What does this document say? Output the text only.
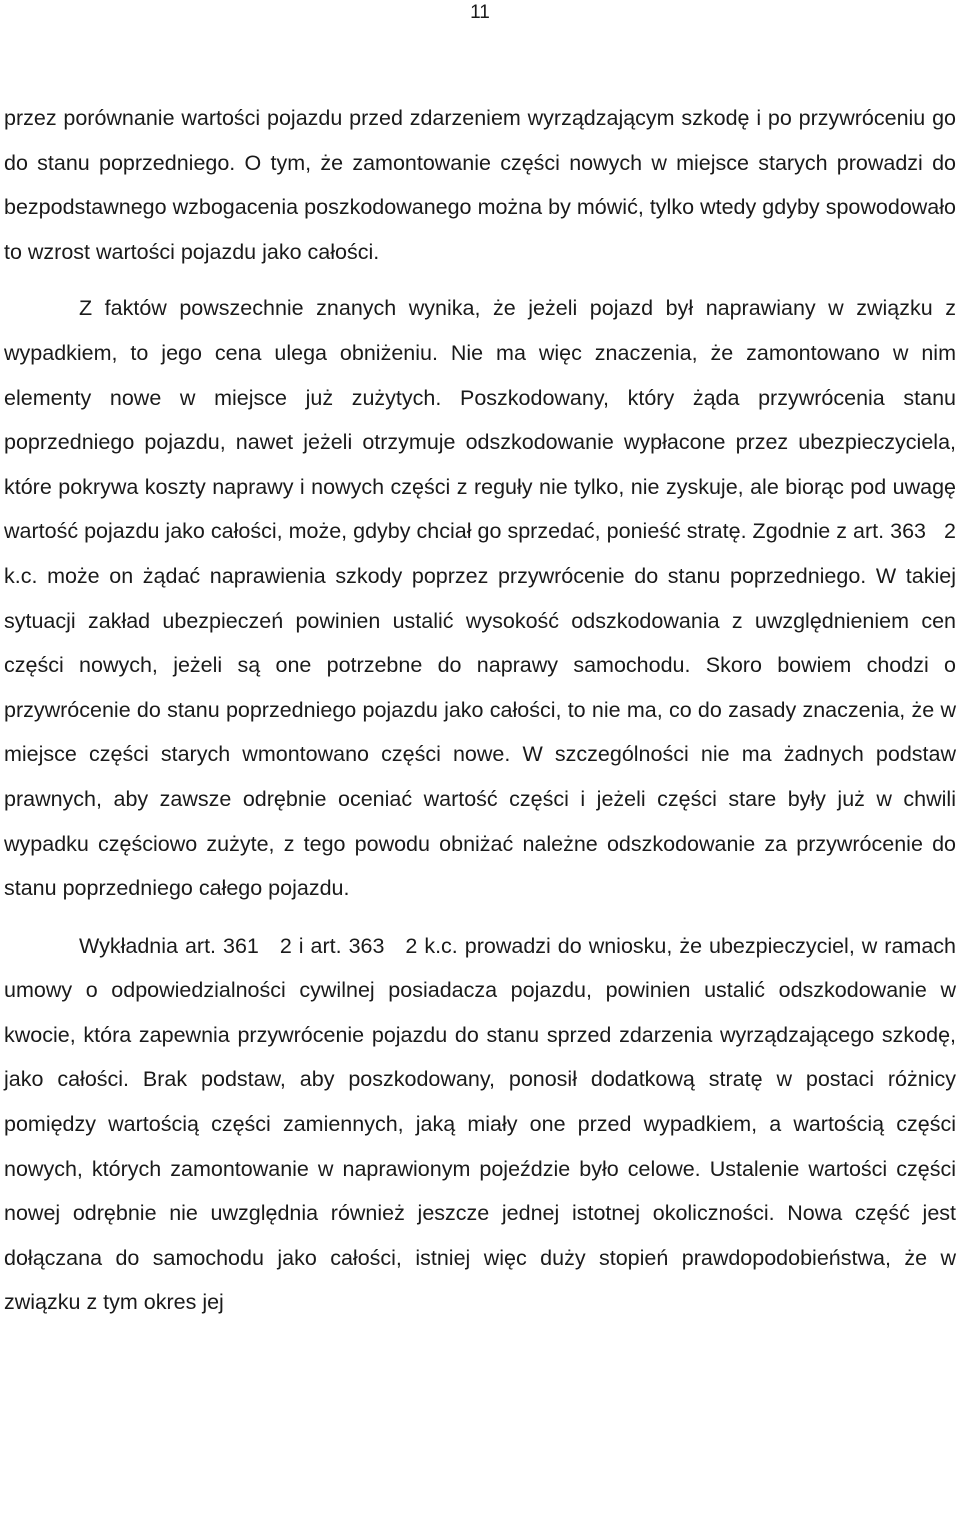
11

przez porównanie wartości pojazdu przed zdarzeniem wyrządzającym szkodę i po przywróceniu go do stanu poprzedniego. O tym, że zamontowanie części nowych w miejsce starych prowadzi do bezpodstawnego wzbogacenia poszkodowanego można by mówić, tylko wtedy gdyby spowodowało to wzrost wartości pojazdu jako całości.

Z faktów powszechnie znanych wynika, że jeżeli pojazd był naprawiany w związku z wypadkiem, to jego cena ulega obniżeniu. Nie ma więc znaczenia, że zamontowano w nim elementy nowe w miejsce już zużytych. Poszkodowany, który żąda przywrócenia stanu poprzedniego pojazdu, nawet jeżeli otrzymuje odszkodowanie wypłacone przez ubezpieczyciela, które pokrywa koszty naprawy i nowych części z reguły nie tylko, nie zyskuje, ale biorąc pod uwagę wartość pojazdu jako całości, może, gdyby chciał go sprzedać, ponieść stratę. Zgodnie z art. 363   2 k.c. może on żądać naprawienia szkody poprzez przywrócenie do stanu poprzedniego. W takiej sytuacji zakład ubezpieczeń powinien ustalić wysokość odszkodowania z uwzględnieniem cen części nowych, jeżeli są one potrzebne do naprawy samochodu. Skoro bowiem chodzi o przywrócenie do stanu poprzedniego pojazdu jako całości, to nie ma, co do zasady znaczenia, że w miejsce części starych wmontowano części nowe. W szczególności nie ma żadnych podstaw prawnych, aby zawsze odrębnie oceniać wartość części i jeżeli części stare były już w chwili wypadku częściowo zużyte, z tego powodu obniżać należne odszkodowanie za przywrócenie do stanu poprzedniego całego pojazdu.

Wykładnia art. 361   2 i art. 363   2 k.c. prowadzi do wniosku, że ubezpieczyciel, w ramach umowy o odpowiedzialności cywilnej posiadacza pojazdu, powinien ustalić odszkodowanie w kwocie, która zapewnia przywrócenie pojazdu do stanu sprzed zdarzenia wyrządzającego szkodę, jako całości. Brak podstaw, aby poszkodowany, ponosił dodatkową stratę w postaci różnicy pomiędzy wartością części zamiennych, jaką miały one przed wypadkiem, a wartością części nowych, których zamontowanie w naprawionym pojeździe było celowe. Ustalenie wartości części nowej odrębnie nie uwzględnia również jeszcze jednej istotnej okoliczności. Nowa część jest dołączana do samochodu jako całości, istniej więc duży stopień prawdopodobieństwa, że w związku z tym okres jej
